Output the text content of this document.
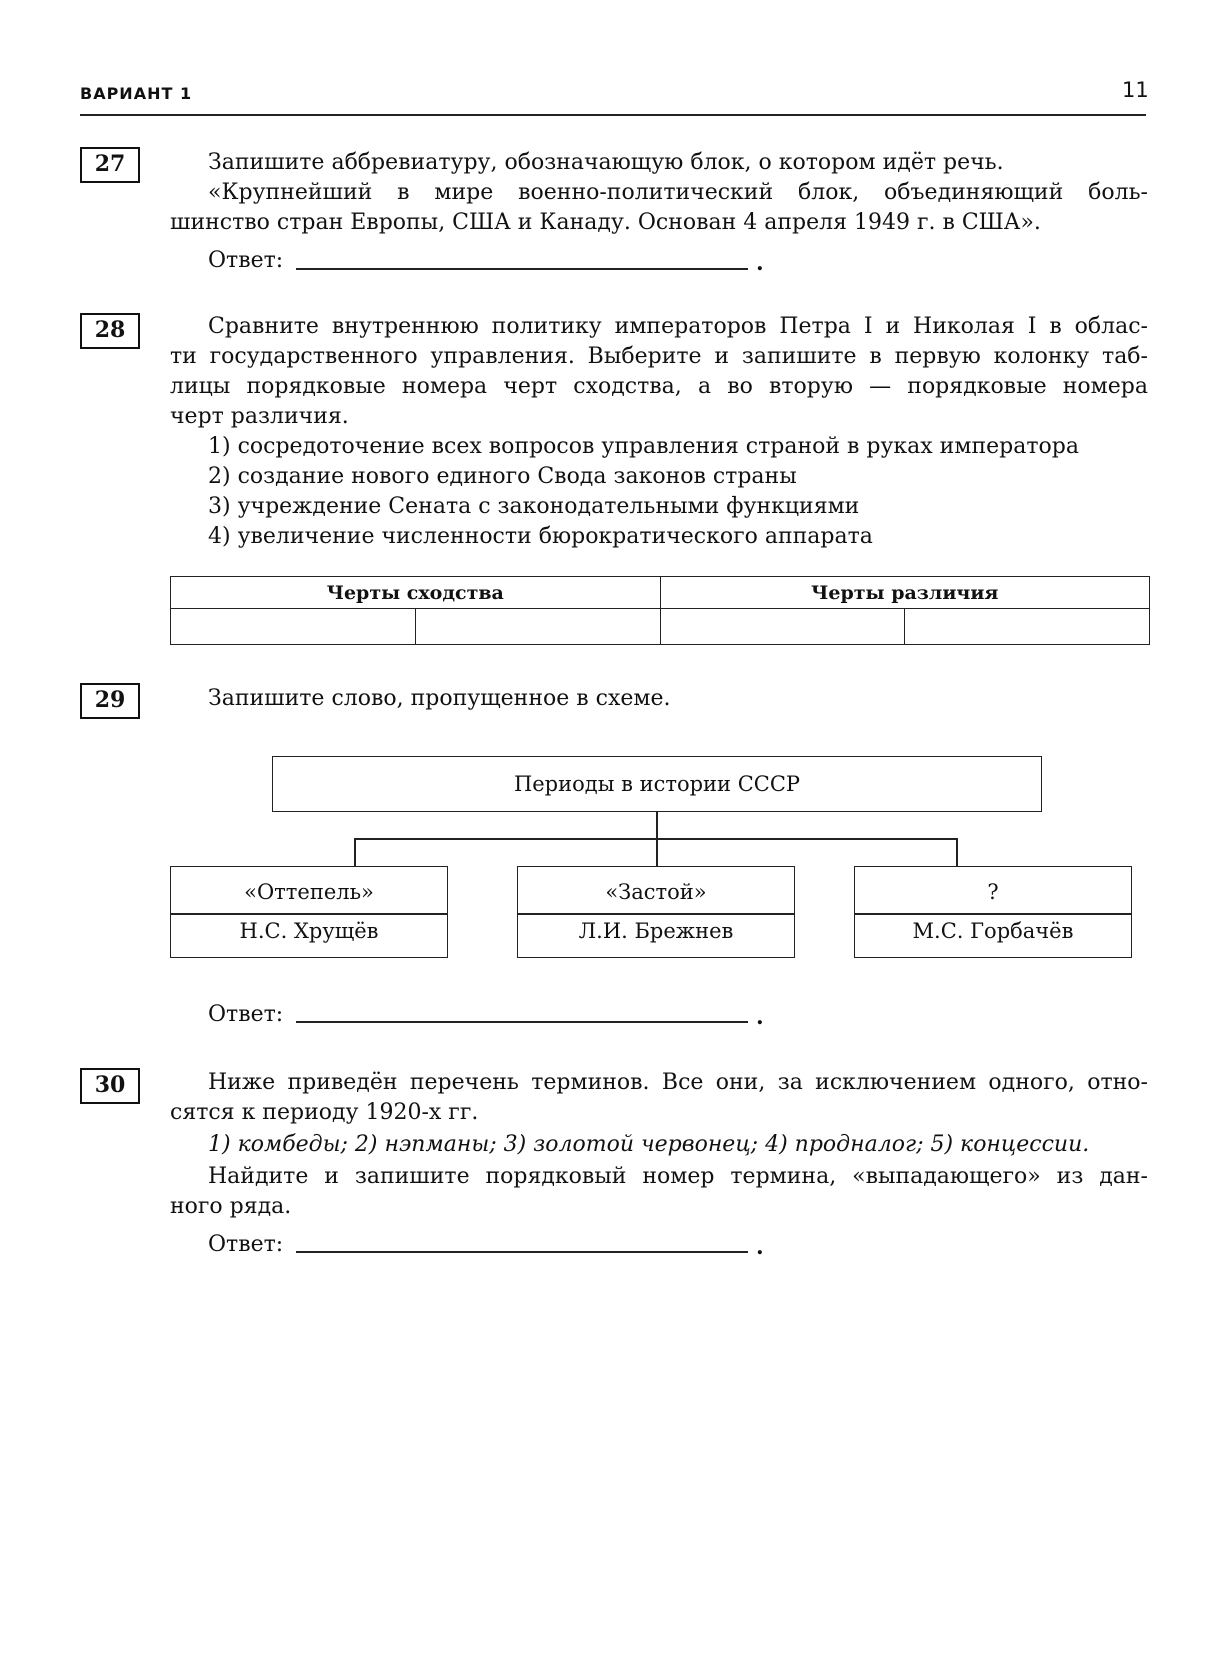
ВАРИАНТ 1	11
27	Запишите аббревиатуру, обозначающую блок, о котором идёт речь.
«Крупнейший в мире военно-политический блок, объединяющий боль-
шинство стран Европы, США и Канаду. Основан 4 апреля 1949 г. в США».
Ответ:	.
28	Сравните внутреннюю политику императоров Петра I и Николая I в облас-
ти государственного управления. Выберите и запишите в первую колонку таб-
лицы порядковые номера черт сходства, а во вторую — порядковые номера
черт различия.
1) сосредоточение всех вопросов управления страной в руках императора
2) создание нового единого Свода законов страны
3) учреждение Сената с законодательными функциями
4) увеличение численности бюрократического аппарата
Черты сходства		Черты различия	

29	Запишите слово, пропущенное в схеме.
Периоды в истории СССР
«Оттепель»
Н.С. Хрущёв
«Застой»
Л.И. Брежнев
?
М.С. Горбачёв
Ответ:	.
30	Ниже приведён перечень терминов. Все они, за исключением одного, отно-
сятся к периоду 1920-х гг.
1) комбеды; 2) нэпманы; 3) золотой червонец; 4) продналог; 5) концессии.
Найдите и запишите порядковый номер термина, «выпадающего» из дан-
ного ряда.
Ответ:	.
